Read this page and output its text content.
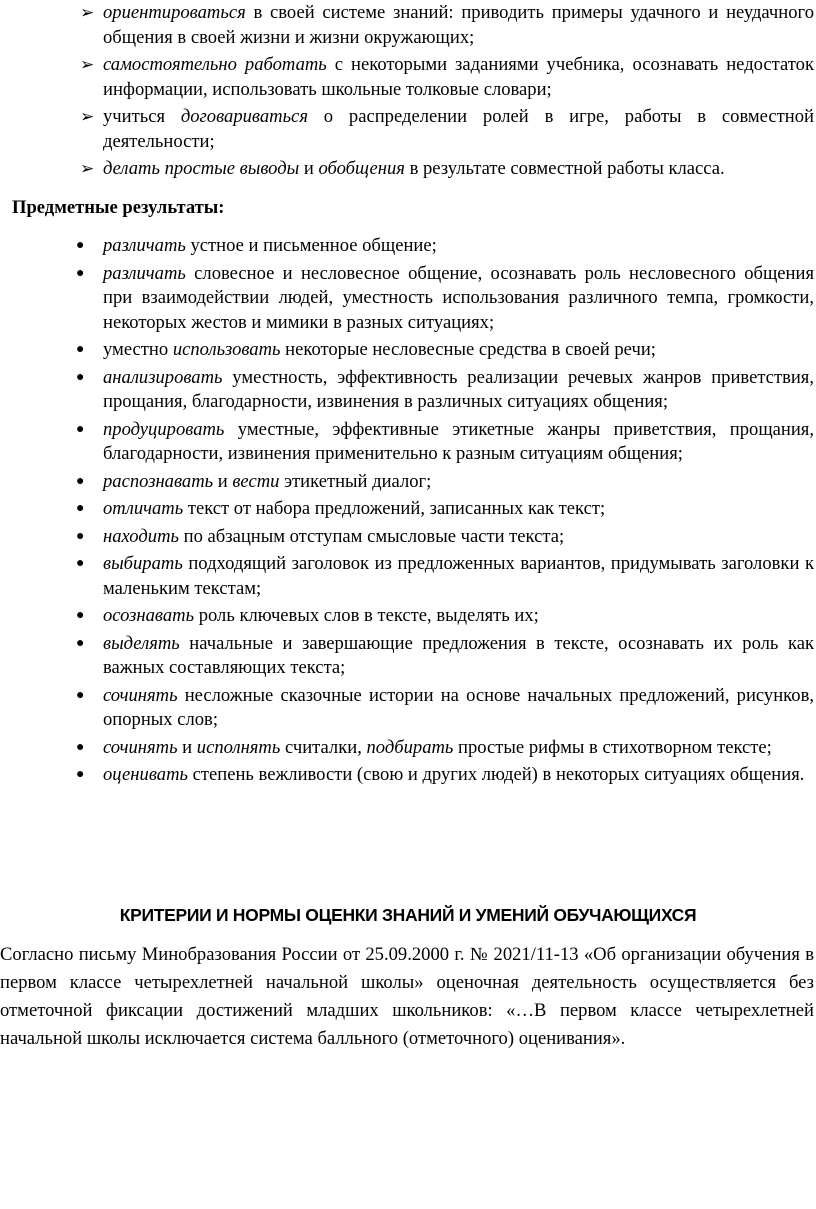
➢ ориентироваться в своей системе знаний: приводить примеры удачного и неудачного общения в своей жизни и жизни окружающих;
➢ самостоятельно работать с некоторыми заданиями учебника, осознавать недостаток информации, использовать школьные толковые словари;
➢ учиться договариваться о распределении ролей в игре, работы в совместной деятельности;
➢ делать простые выводы и обобщения в результате совместной работы класса.
Предметные результаты:
● различать устное и письменное общение;
● различать словесное и несловесное общение, осознавать роль несловесного общения при взаимодействии людей, уместность использования различного темпа, громкости, некоторых жестов и мимики в разных ситуациях;
● уместно использовать некоторые несловесные средства в своей речи;
● анализировать уместность, эффективность реализации речевых жанров приветствия, прощания, благодарности, извинения в различных ситуациях общения;
● продуцировать уместные, эффективные этикетные жанры приветствия, прощания, благодарности, извинения применительно к разным ситуациям общения;
● распознавать и вести этикетный диалог;
● отличать текст от набора предложений, записанных как текст;
● находить по абзацным отступам смысловые части текста;
● выбирать подходящий заголовок из предложенных вариантов, придумывать заголовки к маленьким текстам;
● осознавать роль ключевых слов в тексте, выделять их;
● выделять начальные и завершающие предложения в тексте, осознавать их роль как важных составляющих текста;
● сочинять несложные сказочные истории на основе начальных предложений, рисунков, опорных слов;
● сочинять и исполнять считалки, подбирать простые рифмы в стихотворном тексте;
● оценивать степень вежливости (свою и других людей) в некоторых ситуациях общения.
КРИТЕРИИ И НОРМЫ ОЦЕНКИ ЗНАНИЙ И УМЕНИЙ ОБУЧАЮЩИХСЯ

Согласно письму Минобразования России от 25.09.2000 г. № 2021/11-13 «Об организации обучения в первом классе четырехлетней начальной школы» оценочная деятельность осуществляется без отметочной фиксации достижений младших школьников: «…В первом классе четырехлетней начальной школы исключается система балльного (отметочного) оценивания».
